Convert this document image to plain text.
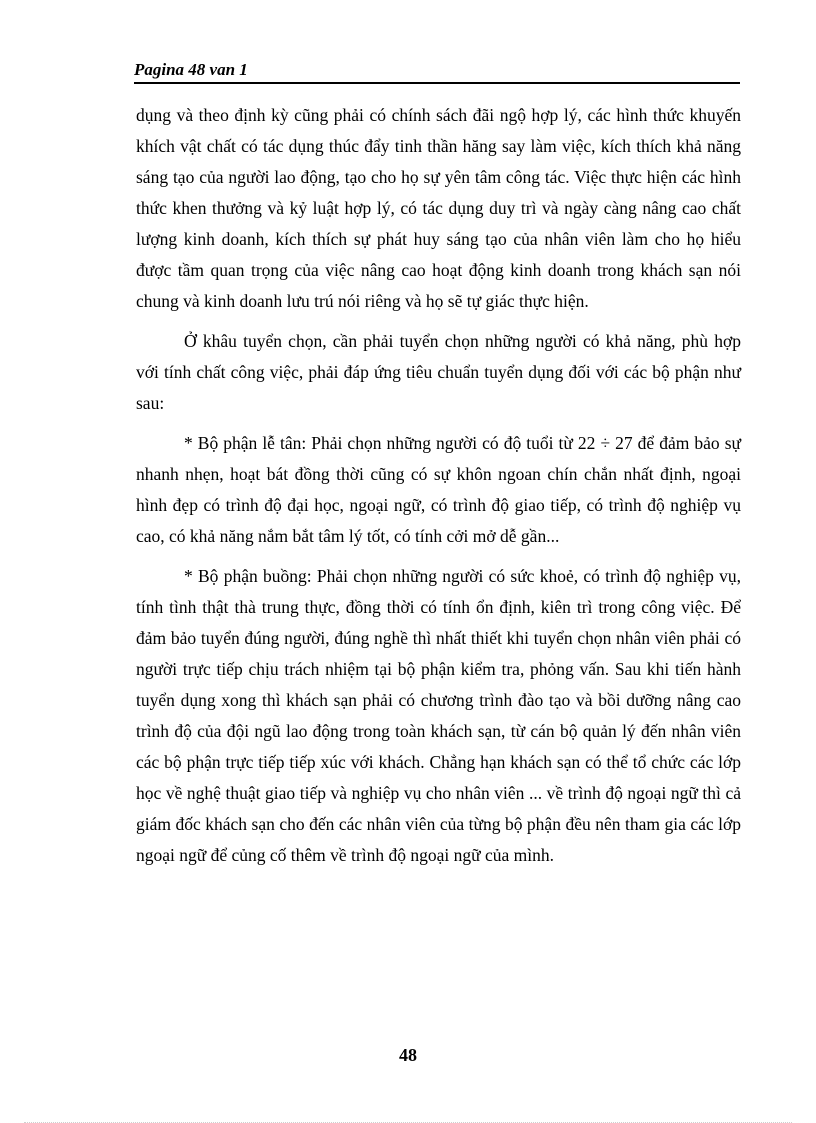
Pagina 48 van 1

dụng và theo định kỳ cũng phải có chính sách đãi ngộ hợp lý, các hình thức khuyến khích vật chất có tác dụng thúc đẩy tinh thần hăng say làm việc, kích thích khả năng sáng tạo của người lao động, tạo cho họ sự yên tâm công tác. Việc thực hiện các hình thức khen thưởng và kỷ luật hợp lý, có tác dụng duy trì và ngày càng nâng cao chất lượng kinh doanh, kích thích sự phát huy sáng tạo của nhân viên làm cho họ hiểu được tầm quan trọng của việc nâng cao hoạt động kinh doanh trong khách sạn nói chung và kinh doanh lưu trú nói riêng và họ sẽ tự giác thực hiện.

Ở khâu tuyển chọn, cần phải tuyển chọn những người có khả năng, phù hợp với tính chất công việc, phải đáp ứng tiêu chuẩn tuyển dụng đối với các bộ phận như sau:

* Bộ phận lễ tân: Phải chọn những người có độ tuổi từ 22 ÷ 27 để đảm bảo sự nhanh nhẹn, hoạt bát đồng thời cũng có sự khôn ngoan chín chắn nhất định, ngoại hình đẹp có trình độ đại học, ngoại ngữ, có trình độ giao tiếp, có trình độ nghiệp vụ cao, có khả năng nắm bắt tâm lý tốt, có tính cởi mở dễ gần...

* Bộ phận buồng: Phải chọn những người có sức khoẻ, có trình độ nghiệp vụ, tính tình thật thà trung thực, đồng thời có tính ổn định, kiên trì trong công việc. Để đảm bảo tuyển đúng người, đúng nghề thì nhất thiết khi tuyển chọn nhân viên phải có người trực tiếp chịu trách nhiệm tại bộ phận kiểm tra, phỏng vấn. Sau khi tiến hành tuyển dụng xong thì khách sạn phải có chương trình đào tạo và bồi dưỡng nâng cao trình độ của đội ngũ lao động trong toàn khách sạn, từ cán bộ quản lý đến nhân viên các bộ phận trực tiếp tiếp xúc với khách. Chẳng hạn khách sạn có thể tổ chức các lớp học về nghệ thuật giao tiếp và nghiệp vụ cho nhân viên ... về trình độ ngoại ngữ thì cả giám đốc khách sạn cho đến các nhân viên của từng bộ phận đều nên tham gia các lớp ngoại ngữ để củng cố thêm về trình độ ngoại ngữ của mình.

48
